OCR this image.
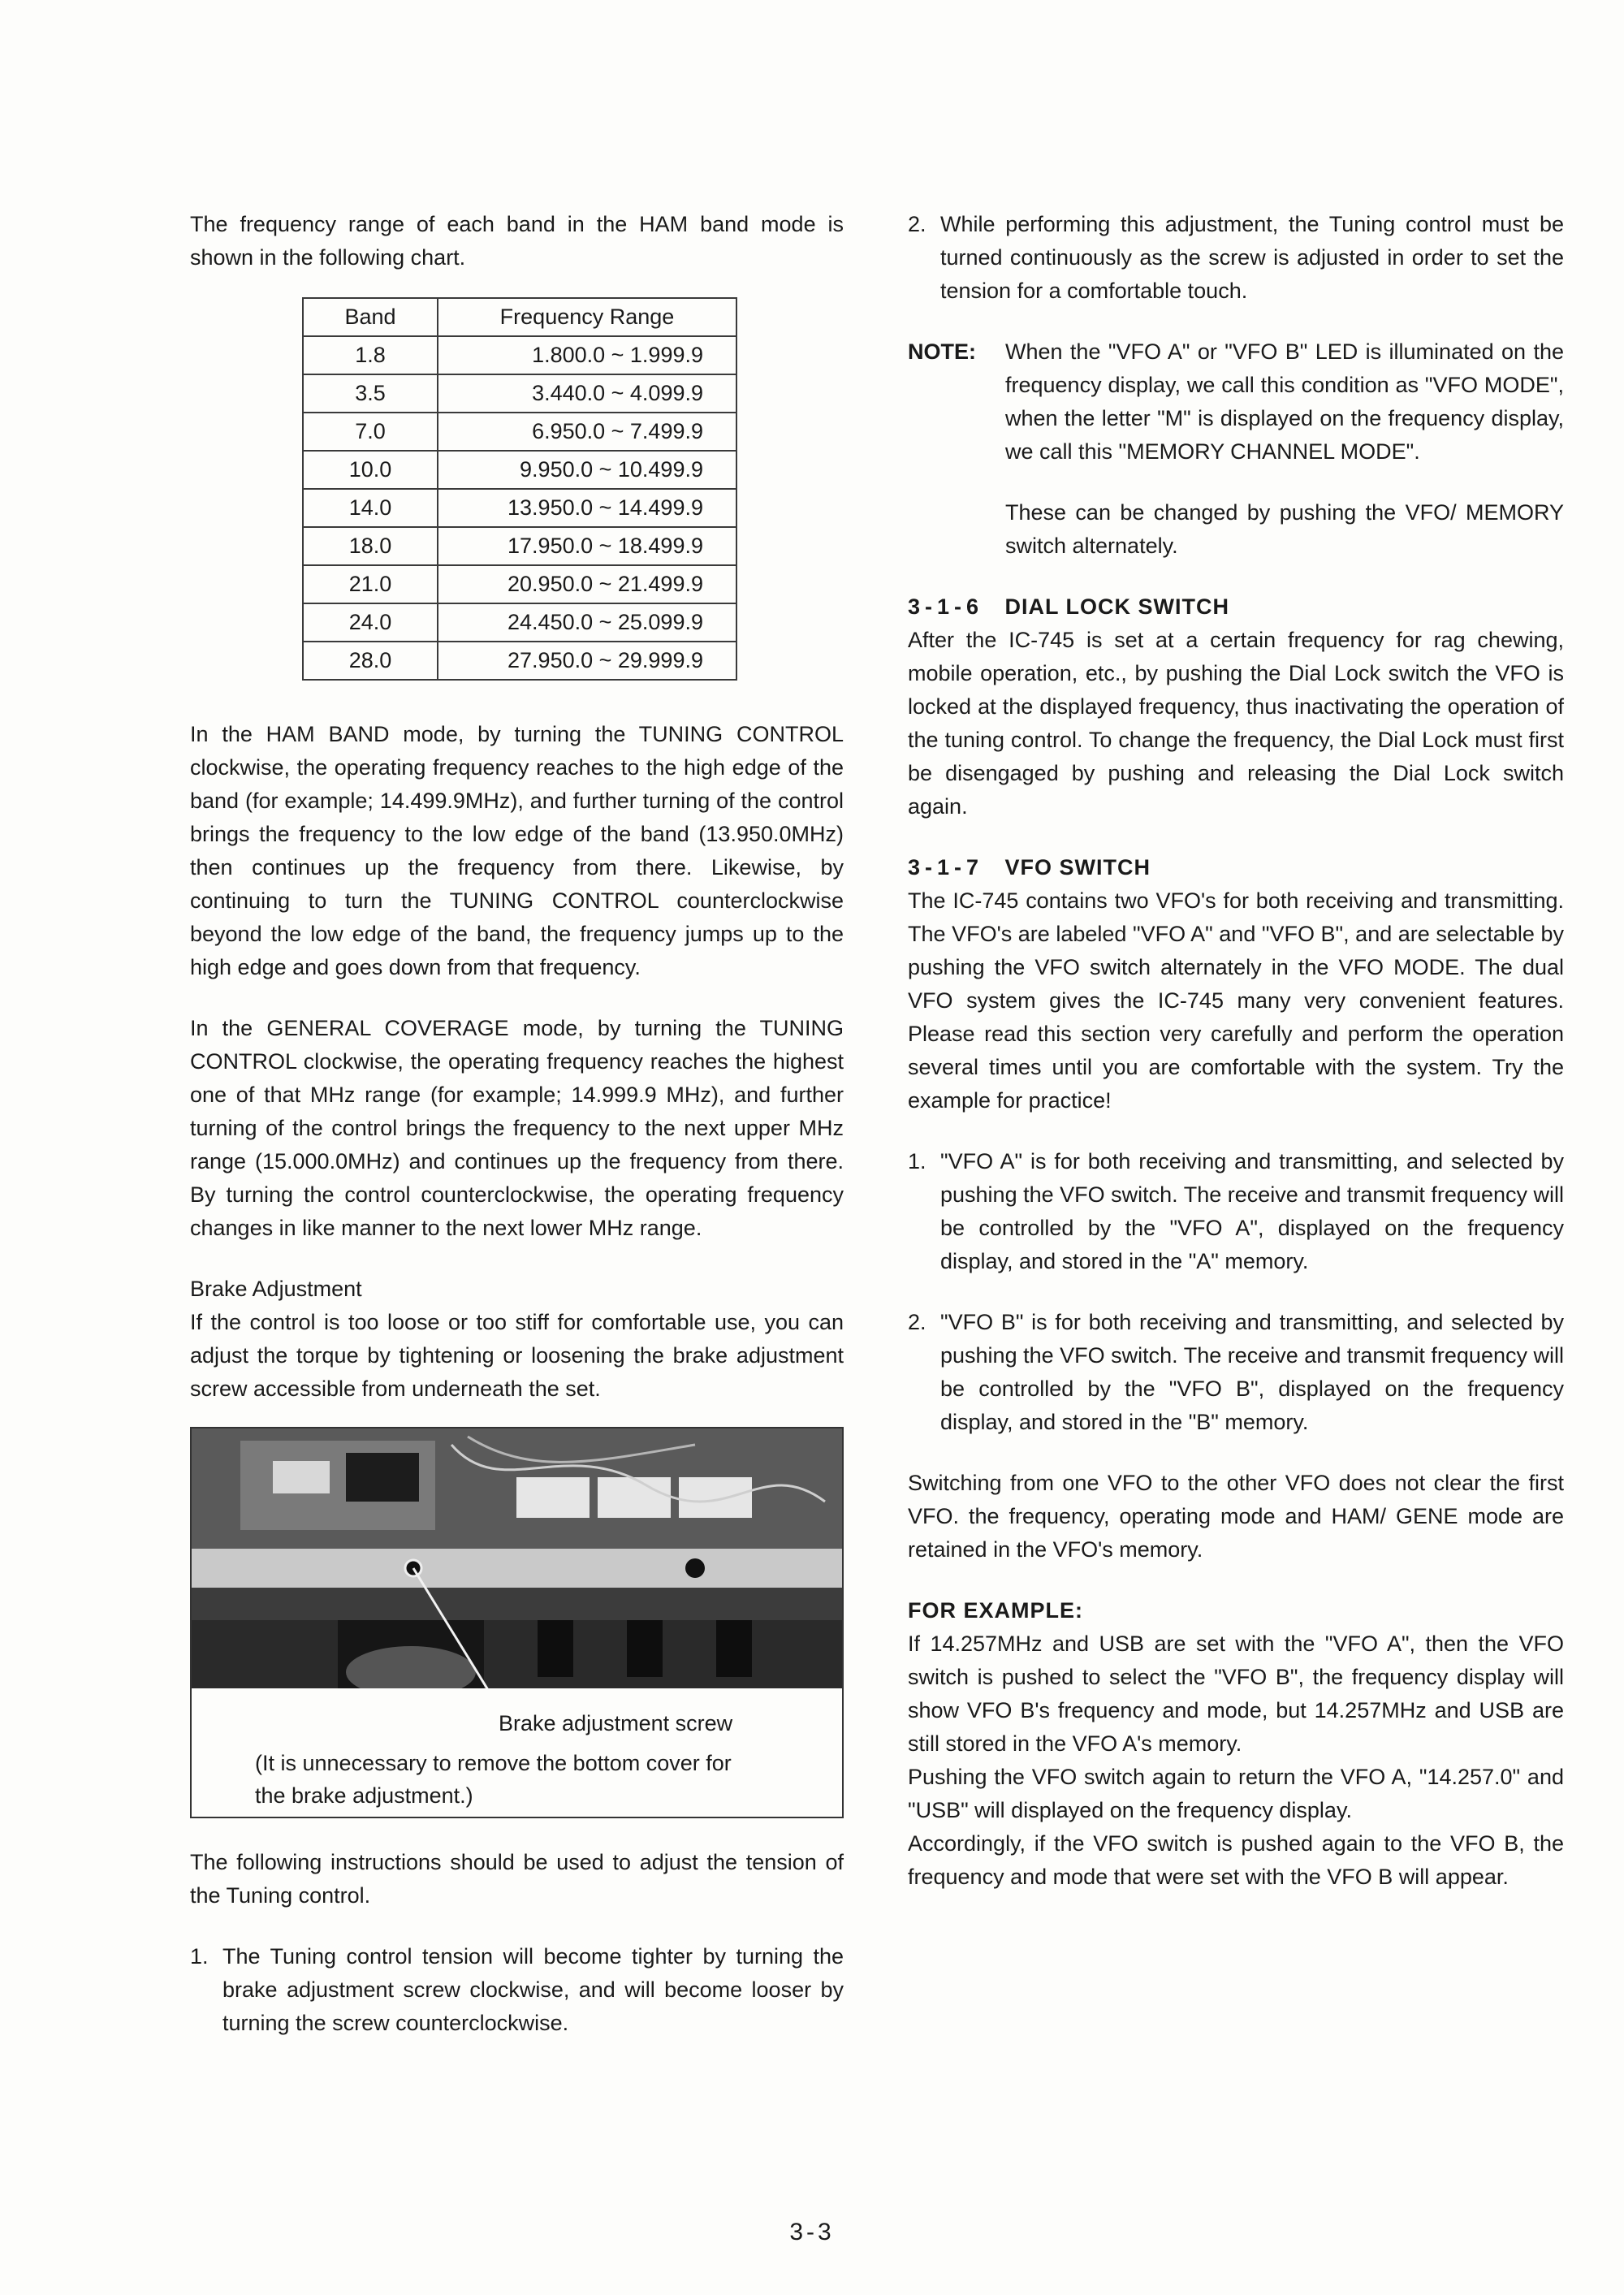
The frequency range of each band in the HAM band mode is shown in the following chart.

Band	Frequency Range
1.8	1.800.0 ~ 1.999.9
3.5	3.440.0 ~ 4.099.9
7.0	6.950.0 ~ 7.499.9
10.0	9.950.0 ~ 10.499.9
14.0	13.950.0 ~ 14.499.9
18.0	17.950.0 ~ 18.499.9
21.0	20.950.0 ~ 21.499.9
24.0	24.450.0 ~ 25.099.9
28.0	27.950.0 ~ 29.999.9

In the HAM BAND mode, by turning the TUNING CONTROL clockwise, the operating frequency reaches to the high edge of the band (for example; 14.499.9MHz), and further turning of the control brings the frequency to the low edge of the band (13.950.0MHz) then continues up the frequency from there. Likewise, by continuing to turn the TUNING CONTROL counterclockwise beyond the low edge of the band, the frequency jumps up to the high edge and goes down from that frequency.

In the GENERAL COVERAGE mode, by turning the TUNING CONTROL clockwise, the operating frequency reaches the highest one of that MHz range (for example; 14.999.9 MHz), and further turning of the control brings the frequency to the next upper MHz range (15.000.0MHz) and continues up the frequency from there. By turning the control counterclockwise, the operating frequency changes in like manner to the next lower MHz range.

Brake Adjustment

If the control is too loose or too stiff for comfortable use, you can adjust the torque by tightening or loosening the brake adjustment screw accessible from underneath the set.

Brake adjustment screw
(It is unnecessary to remove the bottom cover for
the brake adjustment.)

The following instructions should be used to adjust the tension of the Tuning control.

1. The Tuning control tension will become tighter by turning the brake adjustment screw clockwise, and will become looser by turning the screw counterclockwise.
2. While performing this adjustment, the Tuning control must be turned continuously as the screw is adjusted in order to set the tension for a comfortable touch.
NOTE: When the "VFO A" or "VFO B" LED is illuminated on the frequency display, we call this condition as "VFO MODE", when the letter "M" is displayed on the frequency display, we call this "MEMORY CHANNEL MODE".

These can be changed by pushing the VFO/ MEMORY switch alternately.

3-1-6 DIAL LOCK SWITCH

After the IC-745 is set at a certain frequency for rag chewing, mobile operation, etc., by pushing the Dial Lock switch the VFO is locked at the displayed frequency, thus inactivating the operation of the tuning control. To change the frequency, the Dial Lock must first be disengaged by pushing and releasing the Dial Lock switch again.

3-1-7 VFO SWITCH

The IC-745 contains two VFO's for both receiving and transmitting. The VFO's are labeled "VFO A" and "VFO B", and are selectable by pushing the VFO switch alternately in the VFO MODE. The dual VFO system gives the IC-745 many very convenient features. Please read this section very carefully and perform the operation several times until you are comfortable with the system. Try the example for practice!

1. "VFO A" is for both receiving and transmitting, and selected by pushing the VFO switch. The receive and transmit frequency will be controlled by the "VFO A", displayed on the frequency display, and stored in the "A" memory.
2. "VFO B" is for both receiving and transmitting, and selected by pushing the VFO switch. The receive and transmit frequency will be controlled by the "VFO B", displayed on the frequency display, and stored in the "B" memory.

Switching from one VFO to the other VFO does not clear the first VFO. the frequency, operating mode and HAM/ GENE mode are retained in the VFO's memory.

FOR EXAMPLE:

If 14.257MHz and USB are set with the "VFO A", then the VFO switch is pushed to select the "VFO B", the frequency display will show VFO B's frequency and mode, but 14.257MHz and USB are still stored in the VFO A's memory.

Pushing the VFO switch again to return the VFO A, "14.257.0" and "USB" will displayed on the frequency display.

Accordingly, if the VFO switch is pushed again to the VFO B, the frequency and mode that were set with the VFO B will appear.

3-3
